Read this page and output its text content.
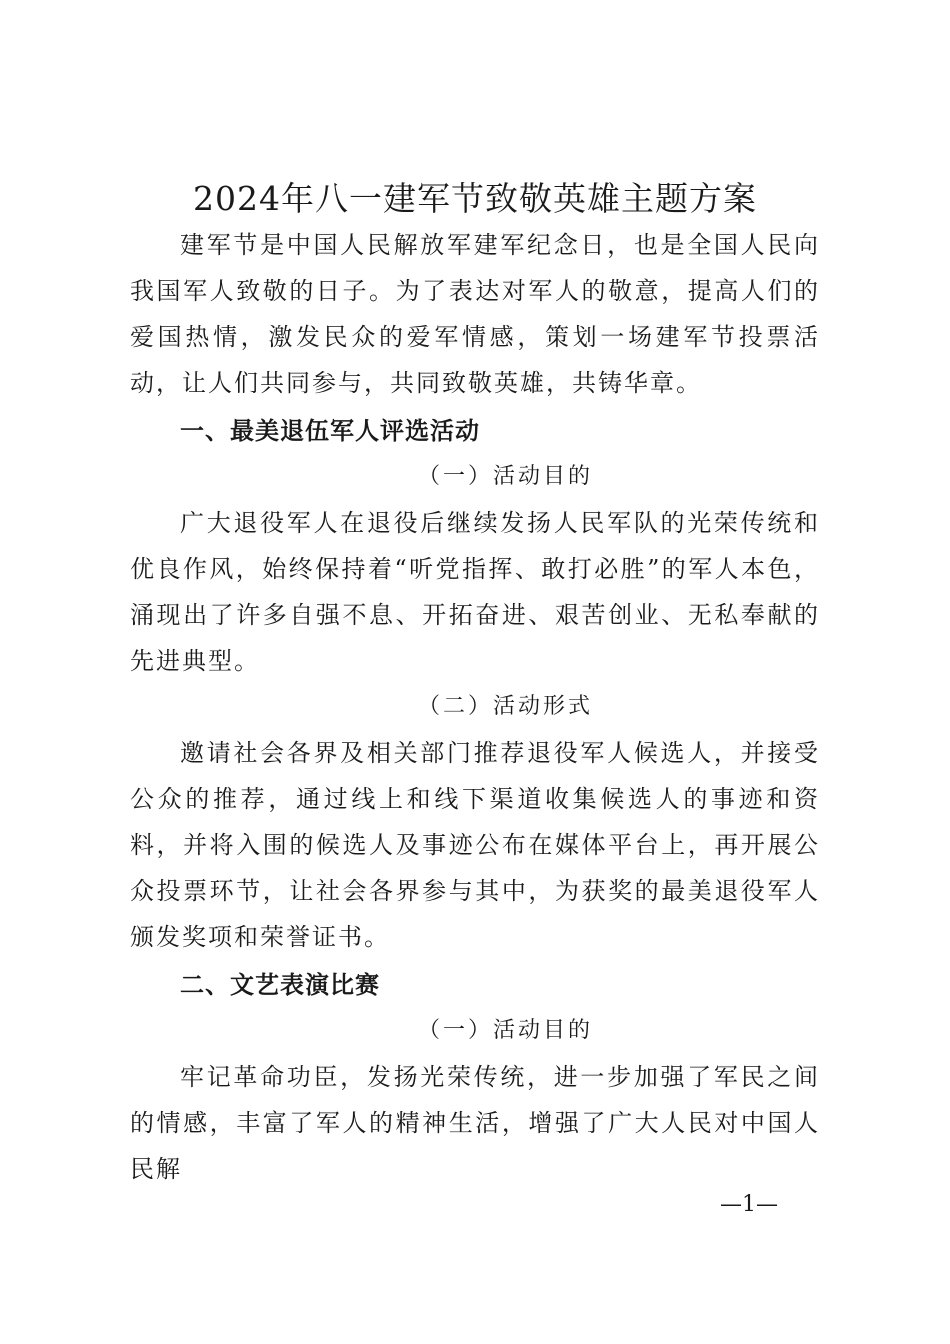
2024年八一建军节致敬英雄主题方案
建军节是中国人民解放军建军纪念日，也是全国人民向我国军人致敬的日子。为了表达对军人的敬意，提高人们的爱国热情，激发民众的爱军情感，策划一场建军节投票活动，让人们共同参与，共同致敬英雄，共铸华章。
一、最美退伍军人评选活动
（一）活动目的
广大退役军人在退役后继续发扬人民军队的光荣传统和优良作风，始终保持着“听党指挥、敢打必胜”的军人本色，涌现出了许多自强不息、开拓奋进、艰苦创业、无私奉献的先进典型。
（二）活动形式
邀请社会各界及相关部门推荐退役军人候选人，并接受公众的推荐，通过线上和线下渠道收集候选人的事迹和资料，并将入围的候选人及事迹公布在媒体平台上，再开展公众投票环节，让社会各界参与其中，为获奖的最美退役军人颁发奖项和荣誉证书。
二、文艺表演比赛
（一）活动目的
牢记革命功臣，发扬光荣传统，进一步加强了军民之间的情感，丰富了军人的精神生活，增强了广大人民对中国人民解
—1—
